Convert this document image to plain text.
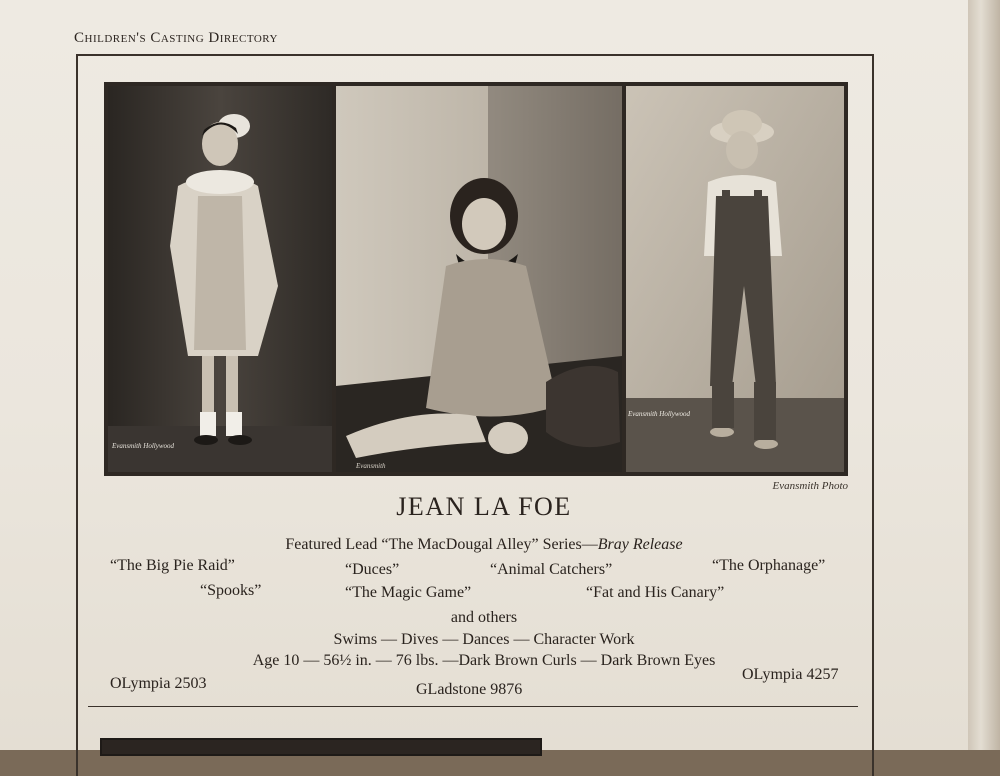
Children's Casting Directory
Evansmith Hollywood
Evansmith
Evansmith Hollywood
Evansmith Photo
JEAN LA FOE
Featured Lead “The MacDougal Alley” Series—Bray Release
“The Big Pie Raid”	“Duces”	“Animal Catchers”	“The Orphanage”
“Spooks”	“The Magic Game”	“Fat and His Canary”
and others
Swims — Dives — Dances — Character Work
Age 10 — 56½ in. — 76 lbs. —Dark Brown Curls — Dark Brown Eyes
OLympia 2503	GLadstone 9876
OLympia 4257
